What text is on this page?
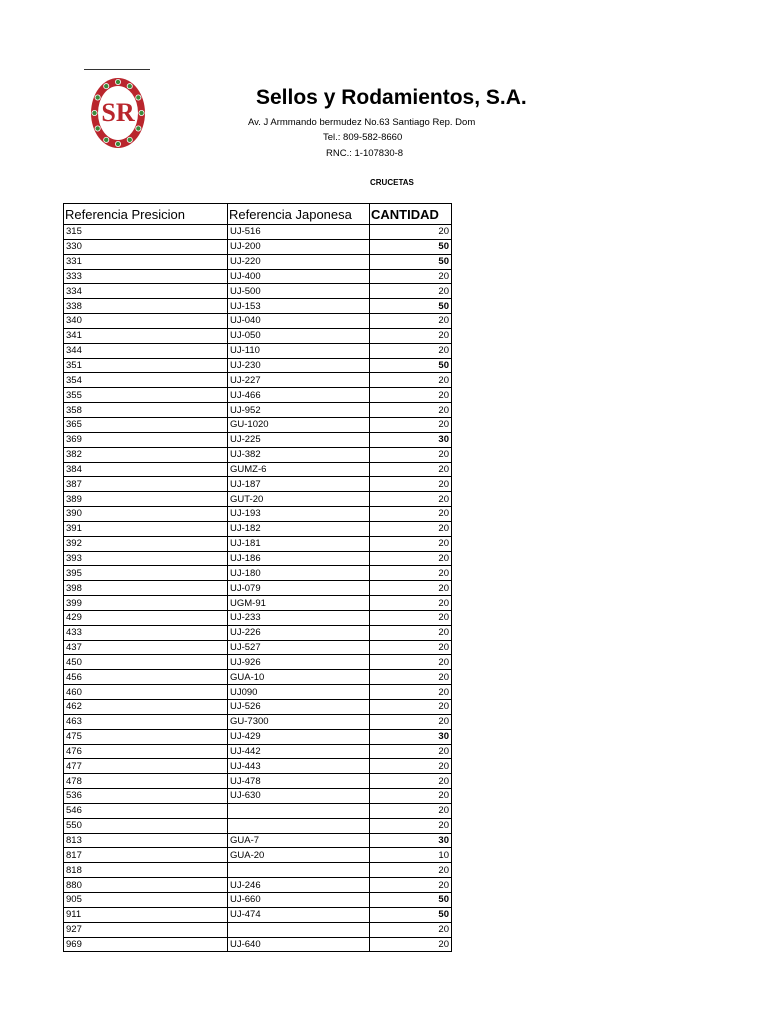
SR
Sellos y Rodamientos, S.A.
Av. J Armmando bermudez No.63 Santiago Rep. Dom
Tel.: 809-582-8660
RNC.: 1-107830-8
CRUCETAS
Referencia Presicion	Referencia Japonesa	CANTIDAD
315	UJ-516	20
330	UJ-200	50
331	UJ-220	50
333	UJ-400	20
334	UJ-500	20
338	UJ-153	50
340	UJ-040	20
341	UJ-050	20
344	UJ-110	20
351	UJ-230	50
354	UJ-227	20
355	UJ-466	20
358	UJ-952	20
365	GU-1020	20
369	UJ-225	30
382	UJ-382	20
384	GUMZ-6	20
387	UJ-187	20
389	GUT-20	20
390	UJ-193	20
391	UJ-182	20
392	UJ-181	20
393	UJ-186	20
395	UJ-180	20
398	UJ-079	20
399	UGM-91	20
429	UJ-233	20
433	UJ-226	20
437	UJ-527	20
450	UJ-926	20
456	GUA-10	20
460	UJ090	20
462	UJ-526	20
463	GU-7300	20
475	UJ-429	30
476	UJ-442	20
477	UJ-443	20
478	UJ-478	20
536	UJ-630	20
546		20
550		20
813	GUA-7	30
817	GUA-20	10
818		20
880	UJ-246	20
905	UJ-660	50
911	UJ-474	50
927		20
969	UJ-640	20
